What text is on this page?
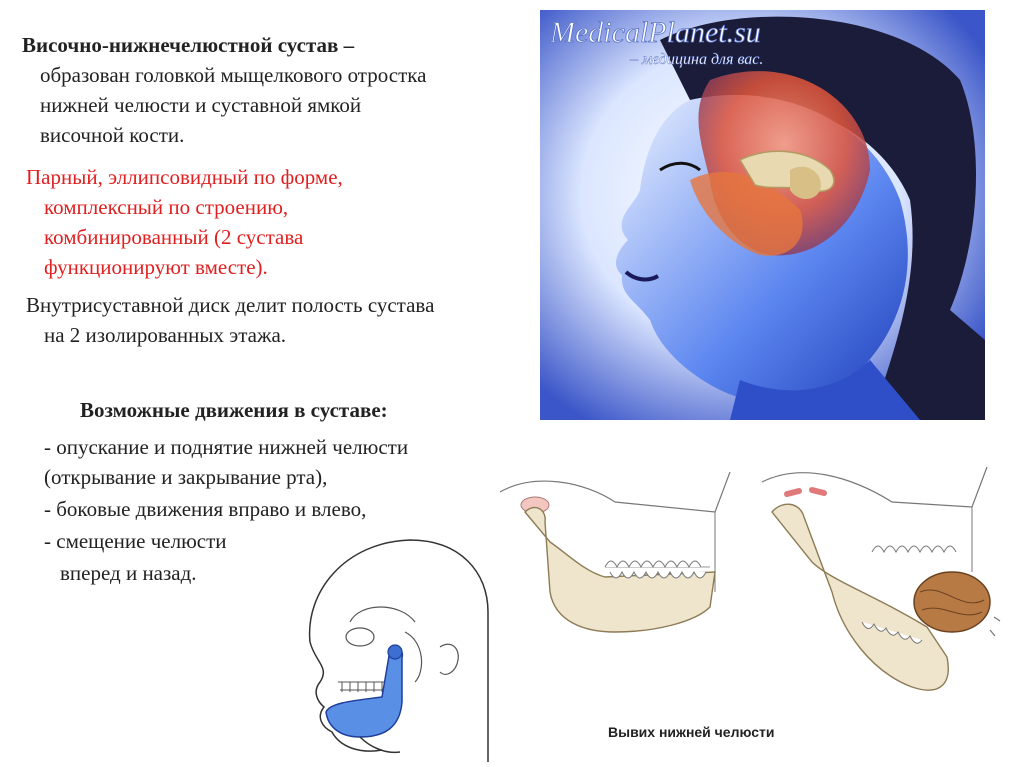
Височно-нижнечелюстной сустав –
образован головкой мыщелкового отростка
нижней челюсти и суставной ямкой
височной кости.
Парный, эллипсовидный по форме,
комплексный по строению,
комбинированный (2 сустава
функционируют вместе).
Внутрисуставной диск делит полость сустава
на 2 изолированных этажа.
Возможные движения в суставе:
- опускание и поднятие нижней челюсти
(открывание и закрывание рта),
- боковые движения вправо и влево,
- смещение челюсти
вперед и назад.
MedicalPlanet.su
– медицина для вас.
Вывих нижней челюсти
